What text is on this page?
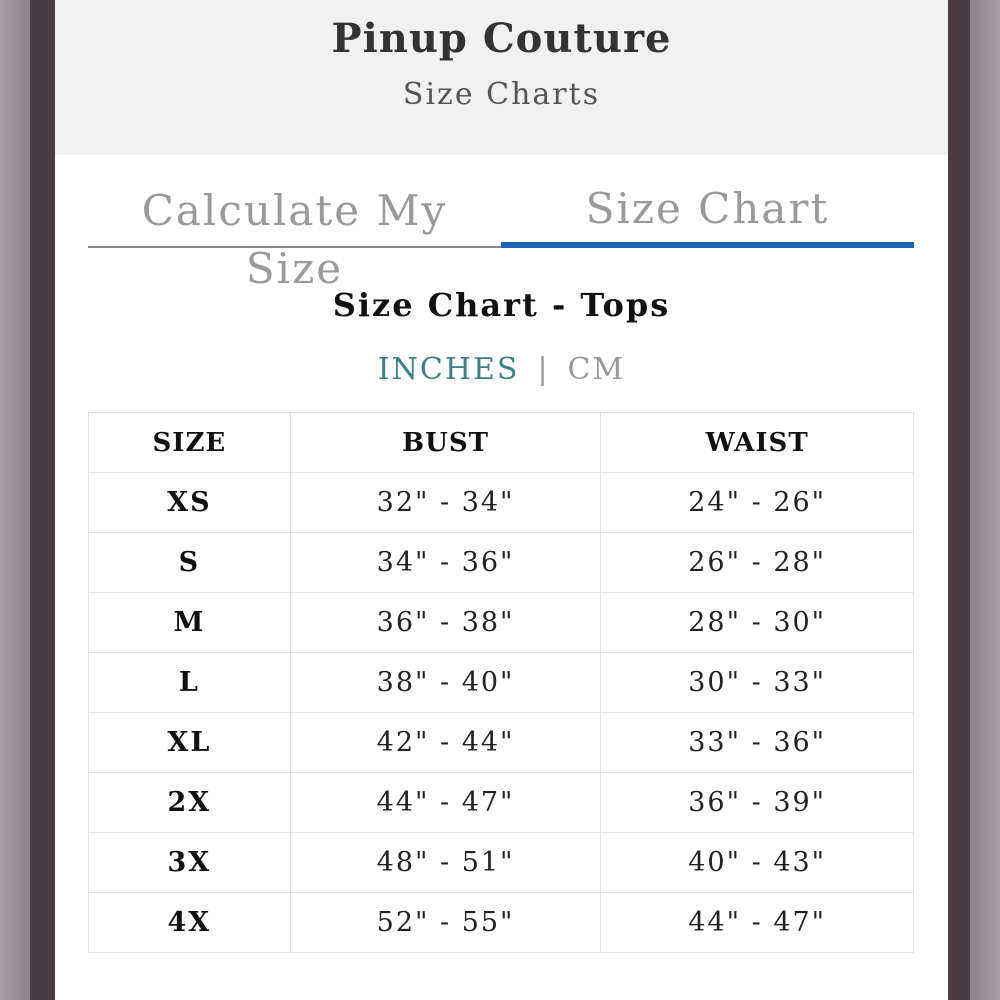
Pinup Couture
Size Charts
Calculate My Size
Size Chart
Size Chart - Tops
INCHES | CM
SIZE	BUST	WAIST
XS	32" - 34"	24" - 26"
S	34" - 36"	26" - 28"
M	36" - 38"	28" - 30"
L	38" - 40"	30" - 33"
XL	42" - 44"	33" - 36"
2X	44" - 47"	36" - 39"
3X	48" - 51"	40" - 43"
4X	52" - 55"	44" - 47"
